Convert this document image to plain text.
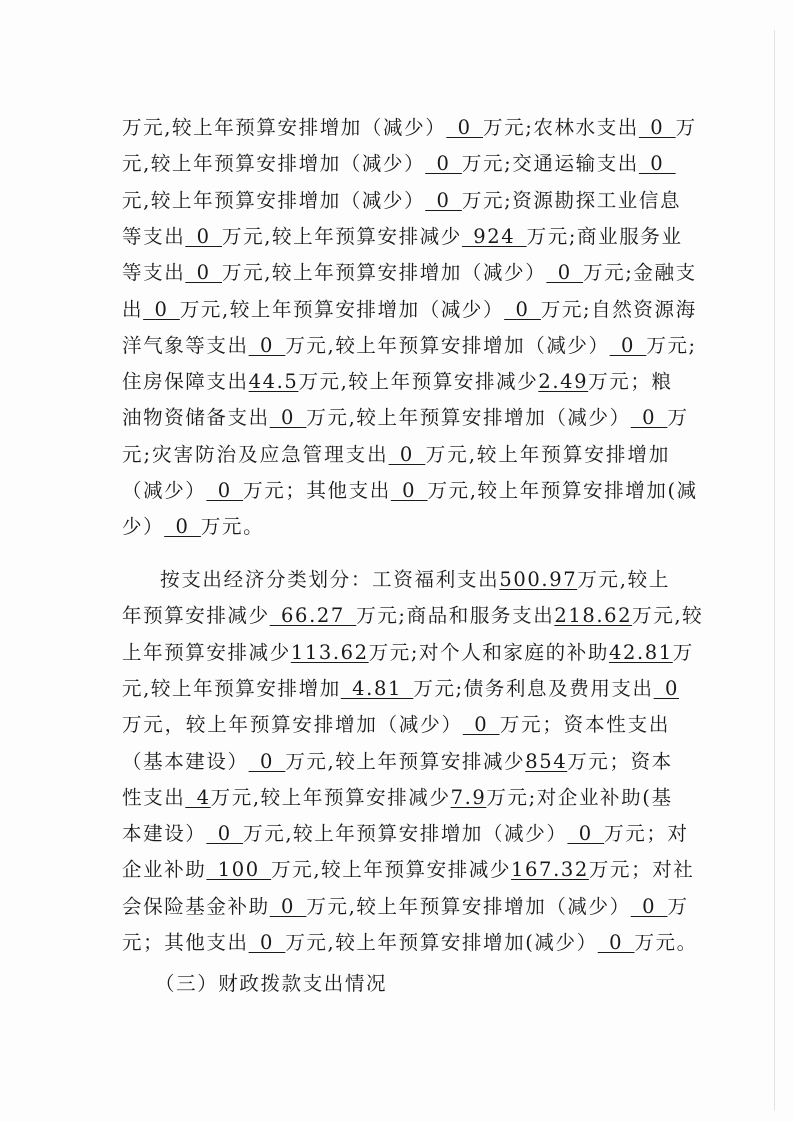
万元,较上年预算安排增加（减少） 0 万元;农林水支出 0 万
元,较上年预算安排增加（减少） 0 万元;交通运输支出 0 
元,较上年预算安排增加（减少） 0 万元;资源勘探工业信息
等支出 0 万元,较上年预算安排减少 924 万元;商业服务业
等支出 0 万元,较上年预算安排增加（减少） 0 万元;金融支
出 0 万元,较上年预算安排增加（减少） 0 万元;自然资源海
洋气象等支出 0 万元,较上年预算安排增加（减少） 0 万元;
住房保障支出44.5万元,较上年预算安排减少2.49万元；粮
油物资储备支出 0 万元,较上年预算安排增加（减少） 0 万
元;灾害防治及应急管理支出 0 万元,较上年预算安排增加
（减少） 0 万元；其他支出 0 万元,较上年预算安排增加(减
少） 0 万元。
按支出经济分类划分：工资福利支出500.97万元,较上
年预算安排减少 66.27 万元;商品和服务支出218.62万元,较
上年预算安排减少113.62万元;对个人和家庭的补助42.81万
元,较上年预算安排增加 4.81 万元;债务利息及费用支出 0
万元，较上年预算安排增加（减少） 0 万元；资本性支出
（基本建设） 0 万元,较上年预算安排减少854万元；资本
性支出 4万元,较上年预算安排减少7.9万元;对企业补助(基
本建设） 0 万元,较上年预算安排增加（减少） 0 万元；对
企业补助 100 万元,较上年预算安排减少167.32万元；对社
会保险基金补助 0 万元,较上年预算安排增加（减少） 0 万
元；其他支出 0 万元,较上年预算安排增加(减少） 0 万元。
（三）财政拨款支出情况
